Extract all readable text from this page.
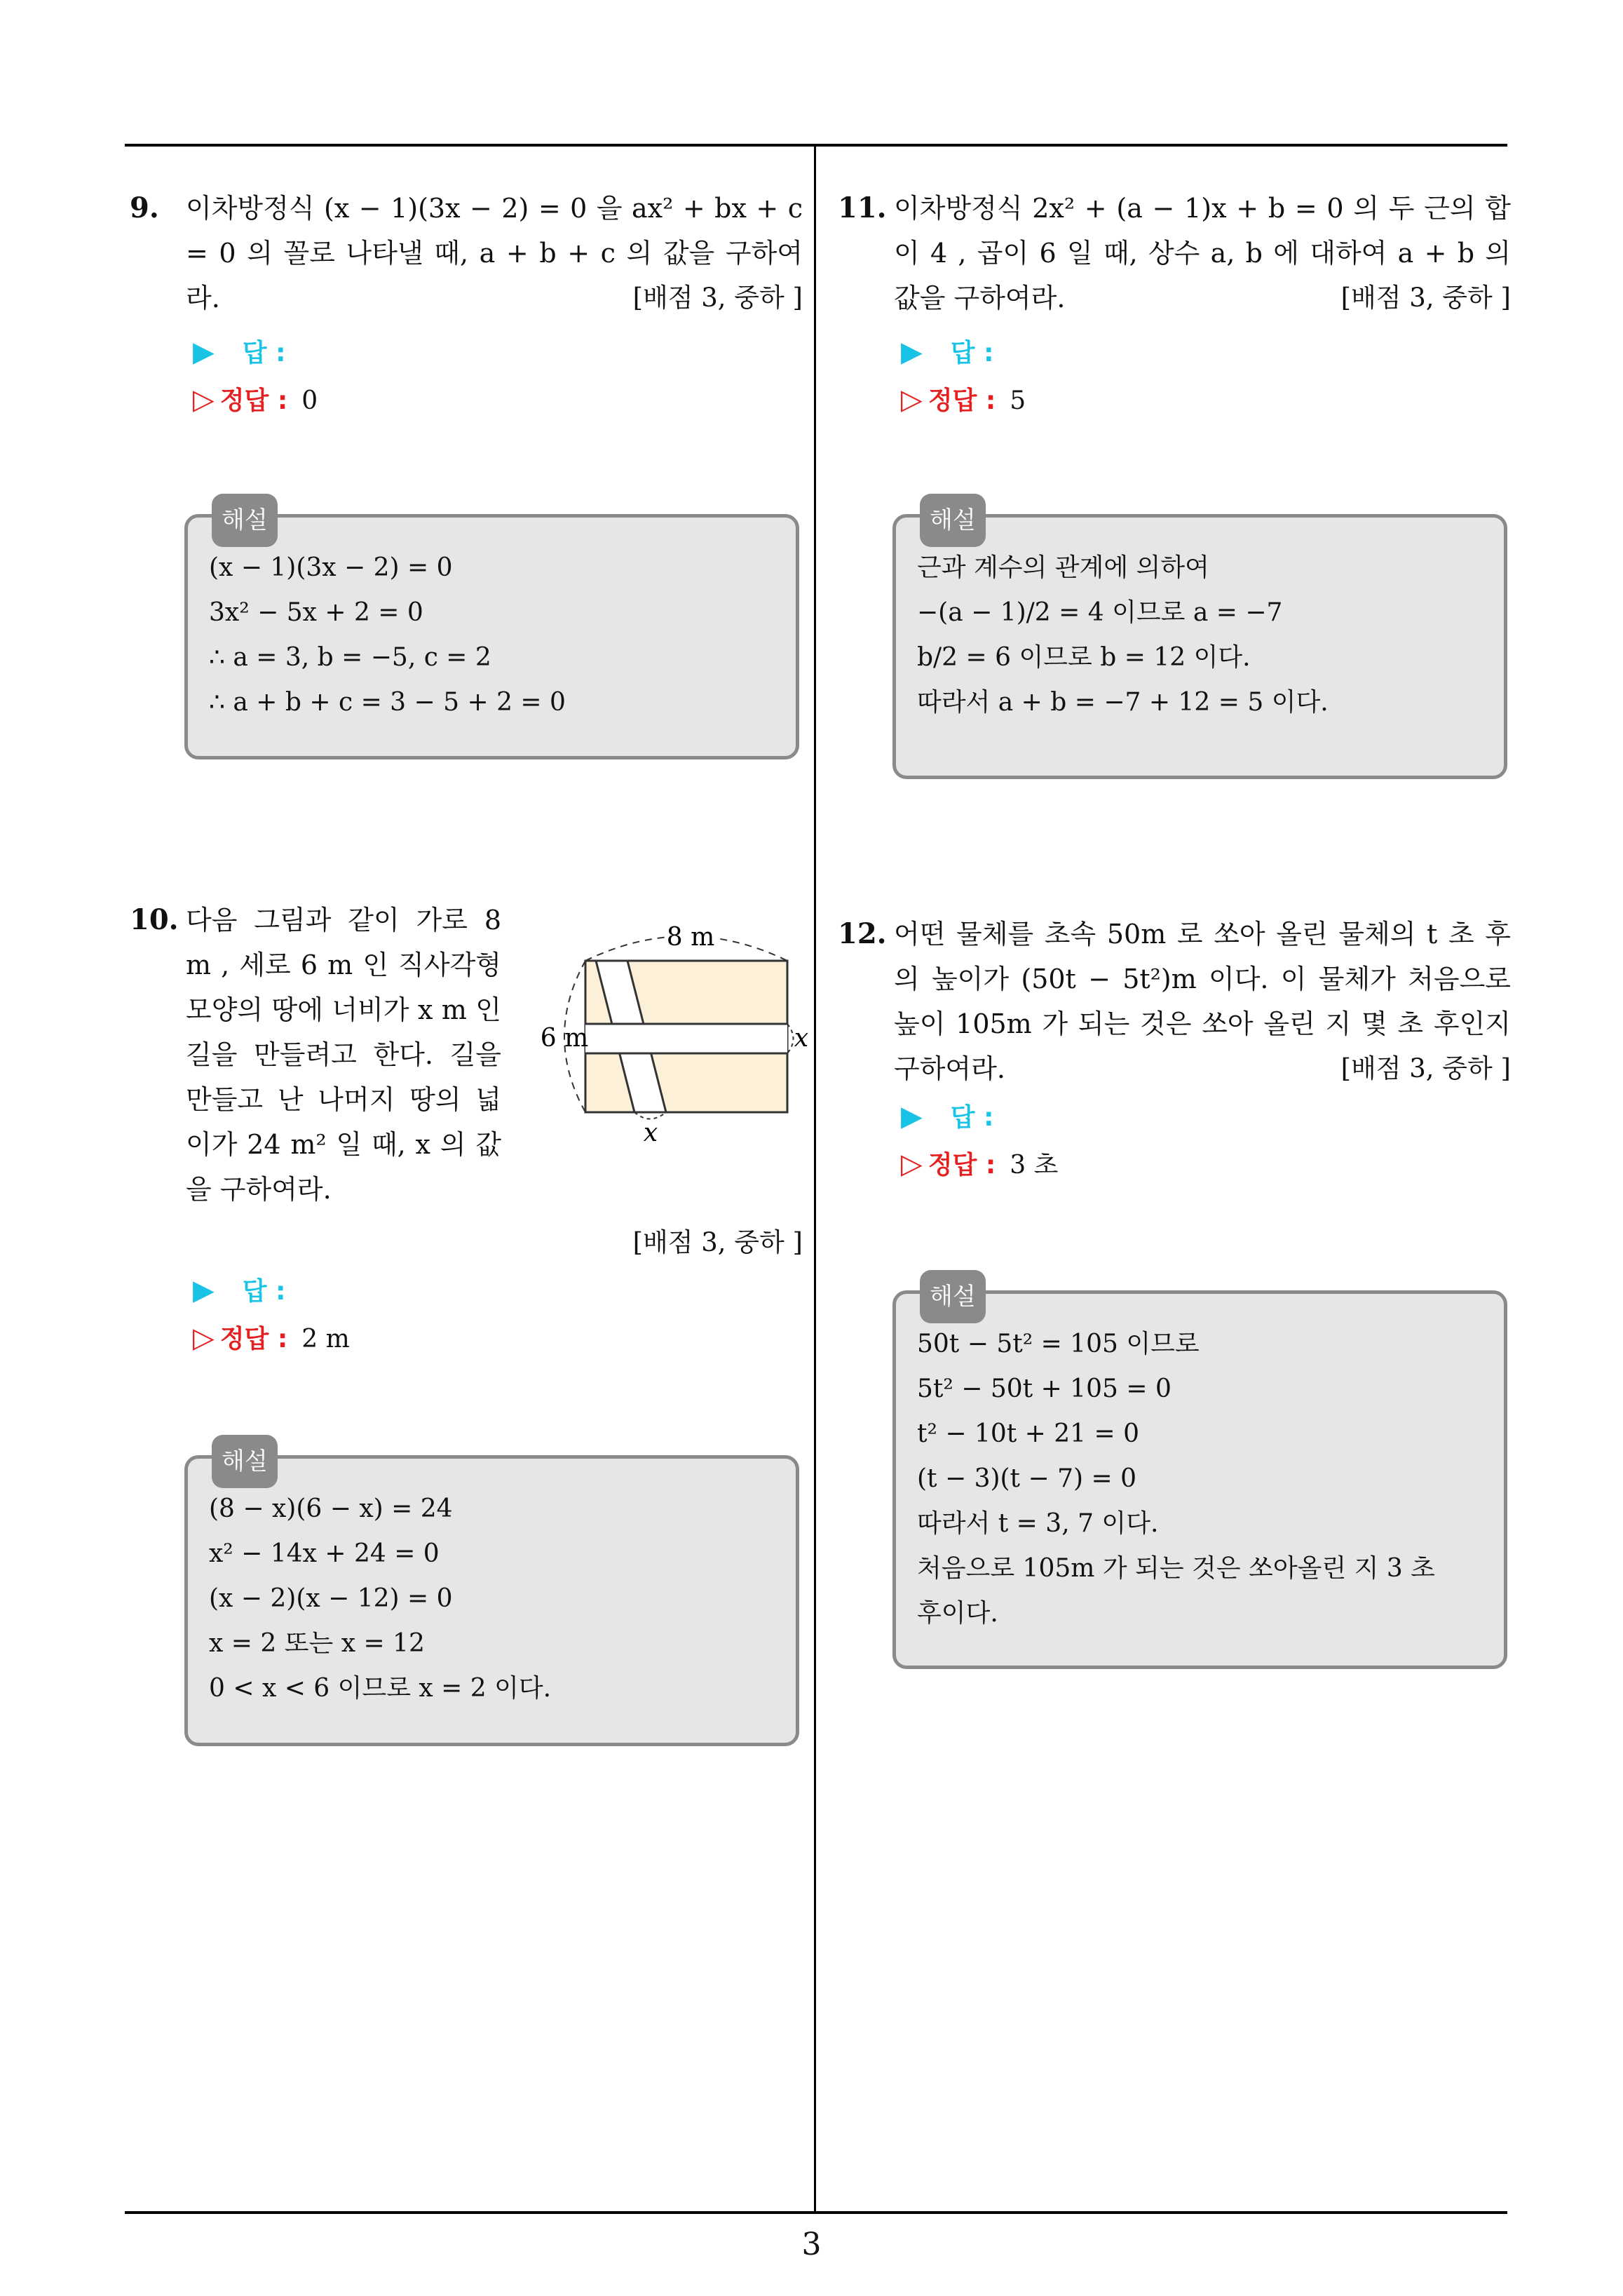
9. 이차방정식 (x − 1)(3x − 2) = 0 을 ax² + bx + c = 0 의 꼴로 나타낼 때, a + b + c 의 값을 구하여라.	[배점 3, 중하 ]
▶ 답 :
▷ 정답 : 0
해설
(x − 1)(3x − 2) = 0
3x² − 5x + 2 = 0
∴ a = 3, b = −5, c = 2
∴ a + b + c = 3 − 5 + 2 = 0
10. 다음 그림과 같이 가로 8 m , 세로 6 m 인 직사각형 모양의 땅에 너비가 x m 인 길을 만들려고 한다. 길을 만들고 난 나머지 땅의 넓이가 24 m² 일 때, x 의 값을 구하여라.
8 m
6 m	x
x
[배점 3, 중하 ]
▶ 답 :
▷ 정답 : 2 m
해설
(8 − x)(6 − x) = 24
x² − 14x + 24 = 0
(x − 2)(x − 12) = 0
x = 2 또는 x = 12
0 < x < 6 이므로 x = 2 이다.
11. 이차방정식 2x² + (a − 1)x + b = 0 의 두 근의 합이 4 , 곱이 6 일 때, 상수 a, b 에 대하여 a + b 의 값을 구하여라.	[배점 3, 중하 ]
▶ 답 :
▷ 정답 : 5
해설
근과 계수의 관계에 의하여
−(a − 1)/2 = 4 이므로 a = −7
b/2 = 6 이므로 b = 12 이다.
따라서 a + b = −7 + 12 = 5 이다.
12. 어떤 물체를 초속 50m 로 쏘아 올린 물체의 t 초 후의 높이가 (50t − 5t²)m 이다. 이 물체가 처음으로 높이 105m 가 되는 것은 쏘아 올린 지 몇 초 후인지 구하여라.	[배점 3, 중하 ]
▶ 답 :
▷ 정답 : 3 초
해설
50t − 5t² = 105 이므로
5t² − 50t + 105 = 0
t² − 10t + 21 = 0
(t − 3)(t − 7) = 0
따라서 t = 3, 7 이다.
처음으로 105m 가 되는 것은 쏘아올린 지 3 초
후이다.
3
